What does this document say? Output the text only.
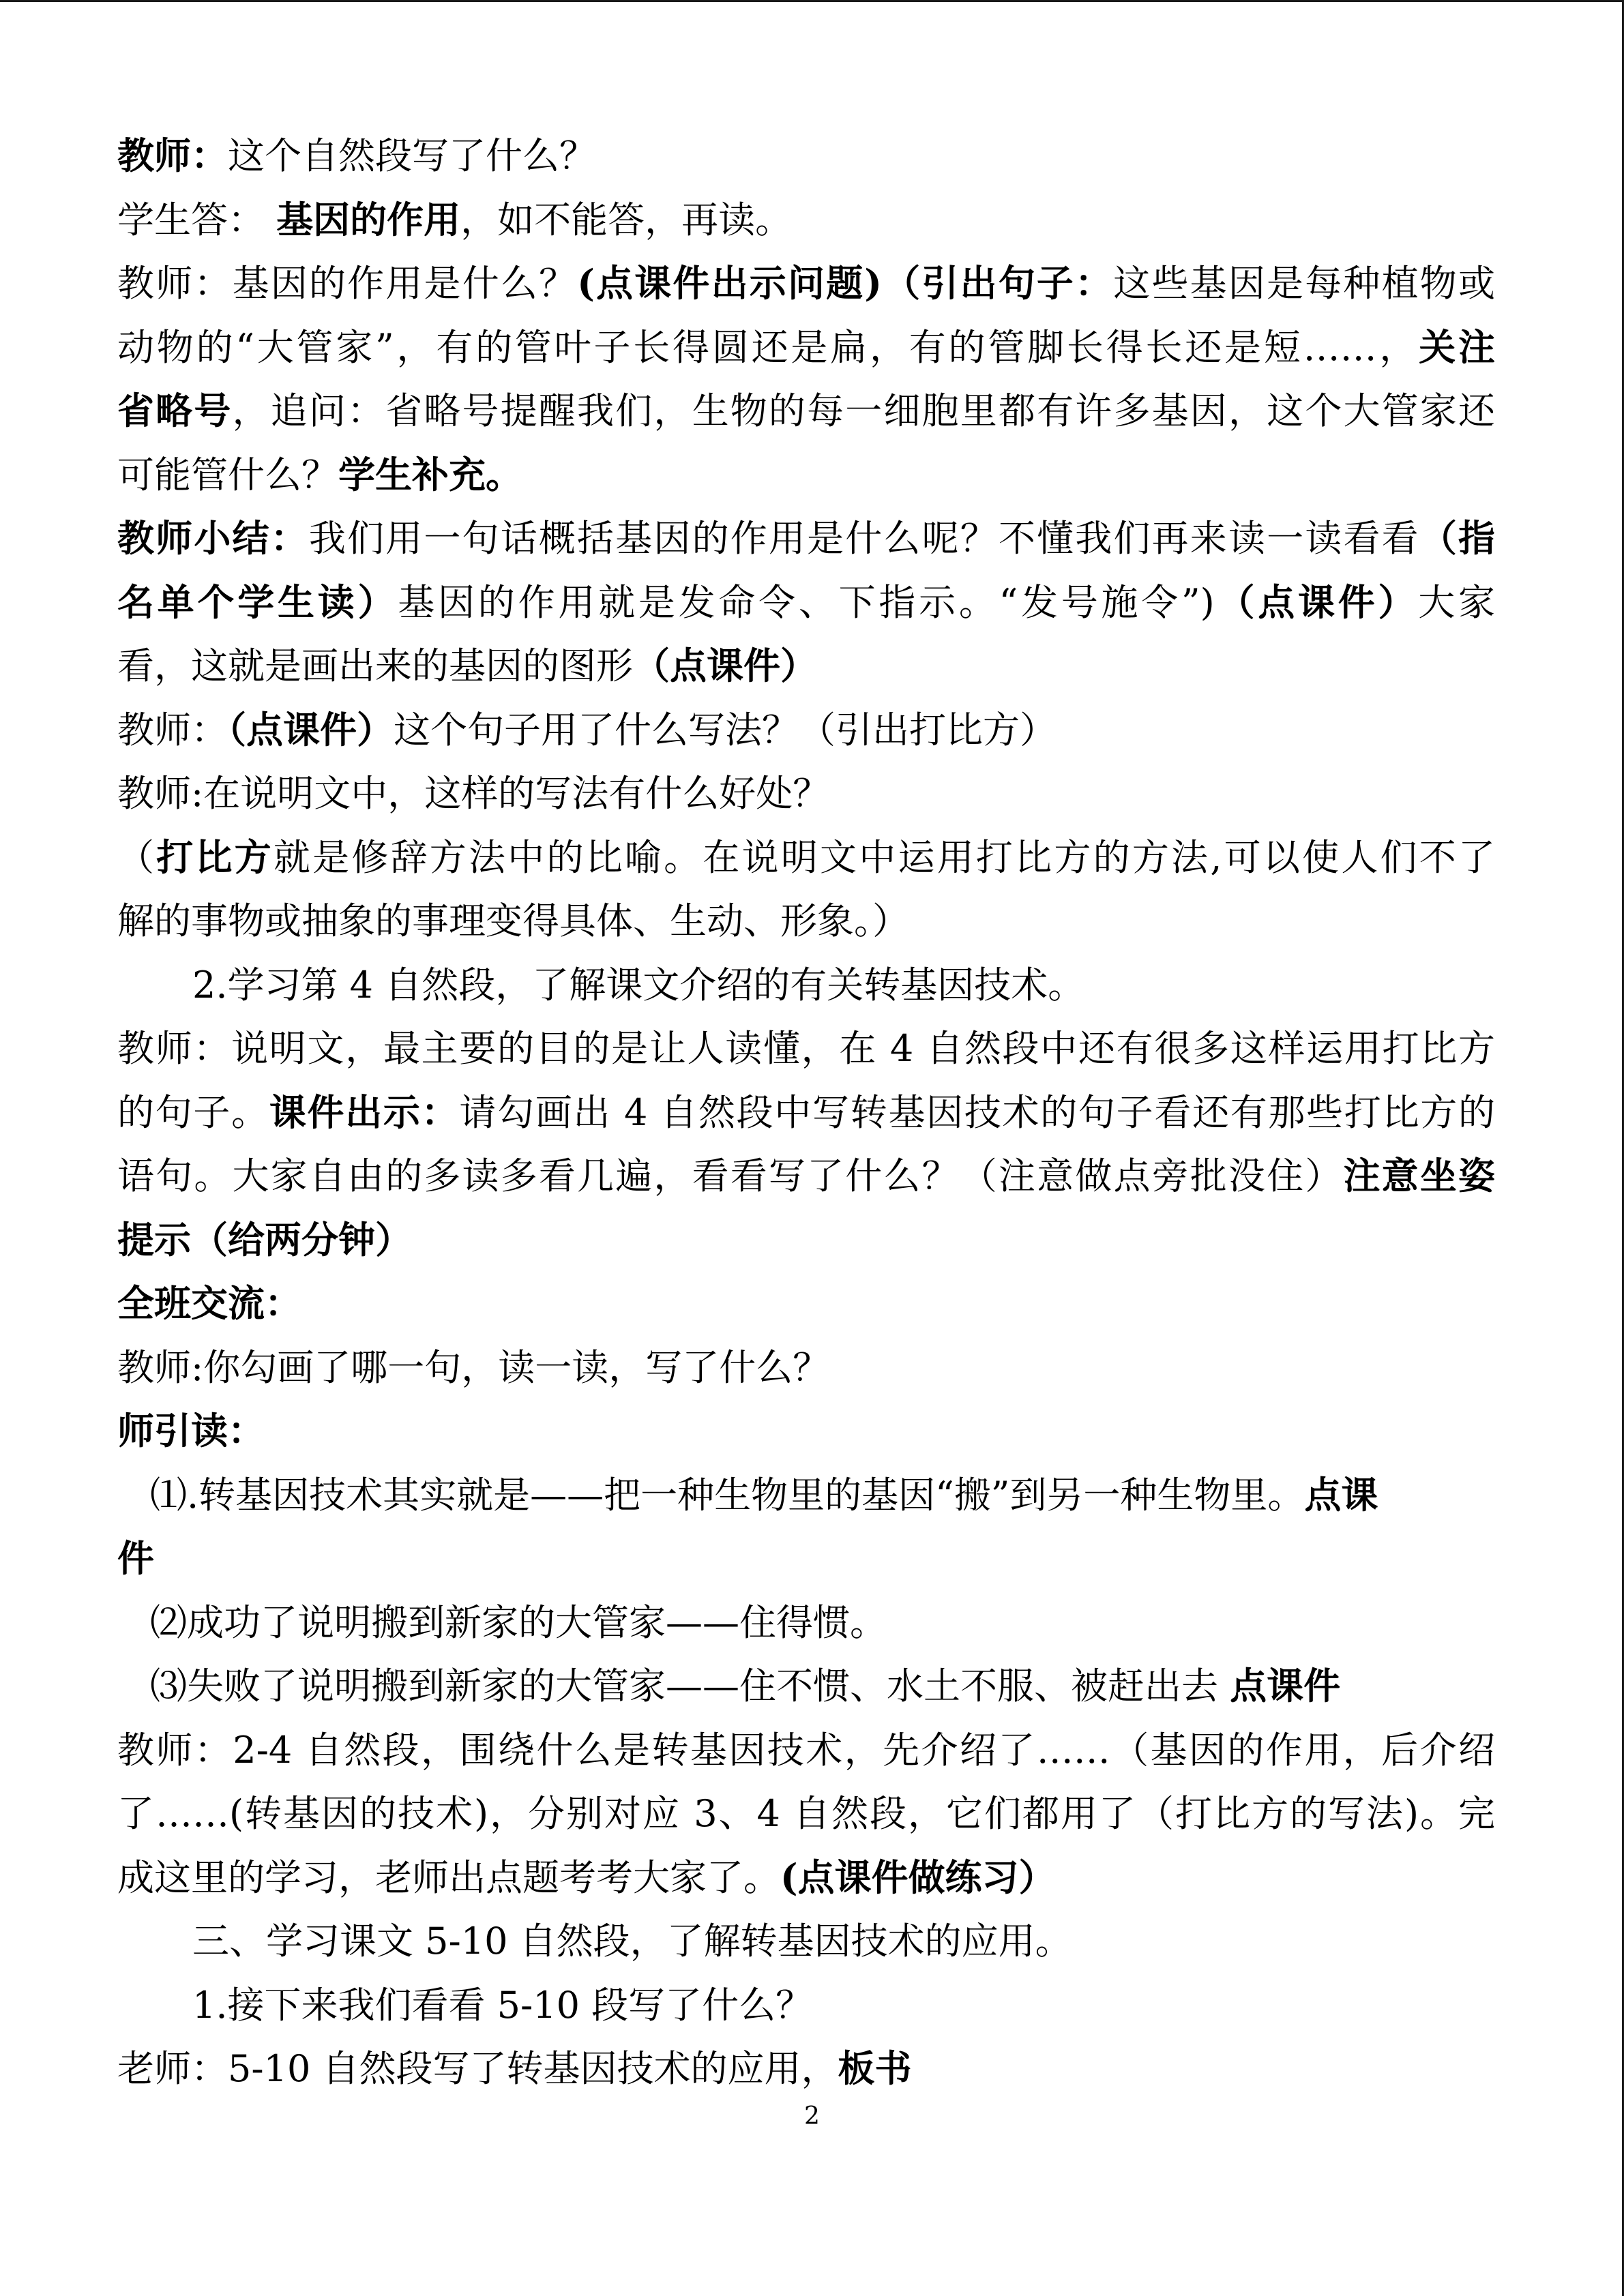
教师：这个自然段写了什么？
学生答： 基因的作用，如不能答，再读。
教师：基因的作用是什么？(点课件出示问题)（引出句子：这些基因是每种植物或
动物的“大管家”，有的管叶子长得圆还是扁，有的管脚长得长还是短……，关注
省略号，追问：省略号提醒我们，生物的每一细胞里都有许多基因，这个大管家还
可能管什么？学生补充。
教师小结：我们用一句话概括基因的作用是什么呢？不懂我们再来读一读看看（指
名单个学生读）基因的作用就是发命令、下指示。“发号施令”)（点课件）大家
看，这就是画出来的基因的图形（点课件）
教师：（点课件）这个句子用了什么写法？（引出打比方）
教师:在说明文中，这样的写法有什么好处？
（打比方就是修辞方法中的比喻。在说明文中运用打比方的方法,可以使人们不了
解的事物或抽象的事理变得具体、生动、形象。）
2.学习第 4 自然段，了解课文介绍的有关转基因技术。
教师：说明文，最主要的目的是让人读懂，在 4 自然段中还有很多这样运用打比方
的句子。课件出示：请勾画出 4 自然段中写转基因技术的句子看还有那些打比方的
语句。大家自由的多读多看几遍，看看写了什么？（注意做点旁批没住）注意坐姿
提示（给两分钟）
全班交流：
教师:你勾画了哪一句，读一读，写了什么？
师引读：
⑴.转基因技术其实就是——把一种生物里的基因“搬”到另一种生物里。点课
件
⑵成功了说明搬到新家的大管家——住得惯。
⑶失败了说明搬到新家的大管家——住不惯、水土不服、被赶出去 点课件
教师：2-4 自然段，围绕什么是转基因技术，先介绍了……（基因的作用，后介绍
了……(转基因的技术)，分别对应 3、4 自然段，它们都用了（打比方的写法)。完
成这里的学习，老师出点题考考大家了。(点课件做练习）
三、学习课文 5-10 自然段，了解转基因技术的应用。
1.接下来我们看看 5-10 段写了什么？
老师：5-10 自然段写了转基因技术的应用，板书
2
